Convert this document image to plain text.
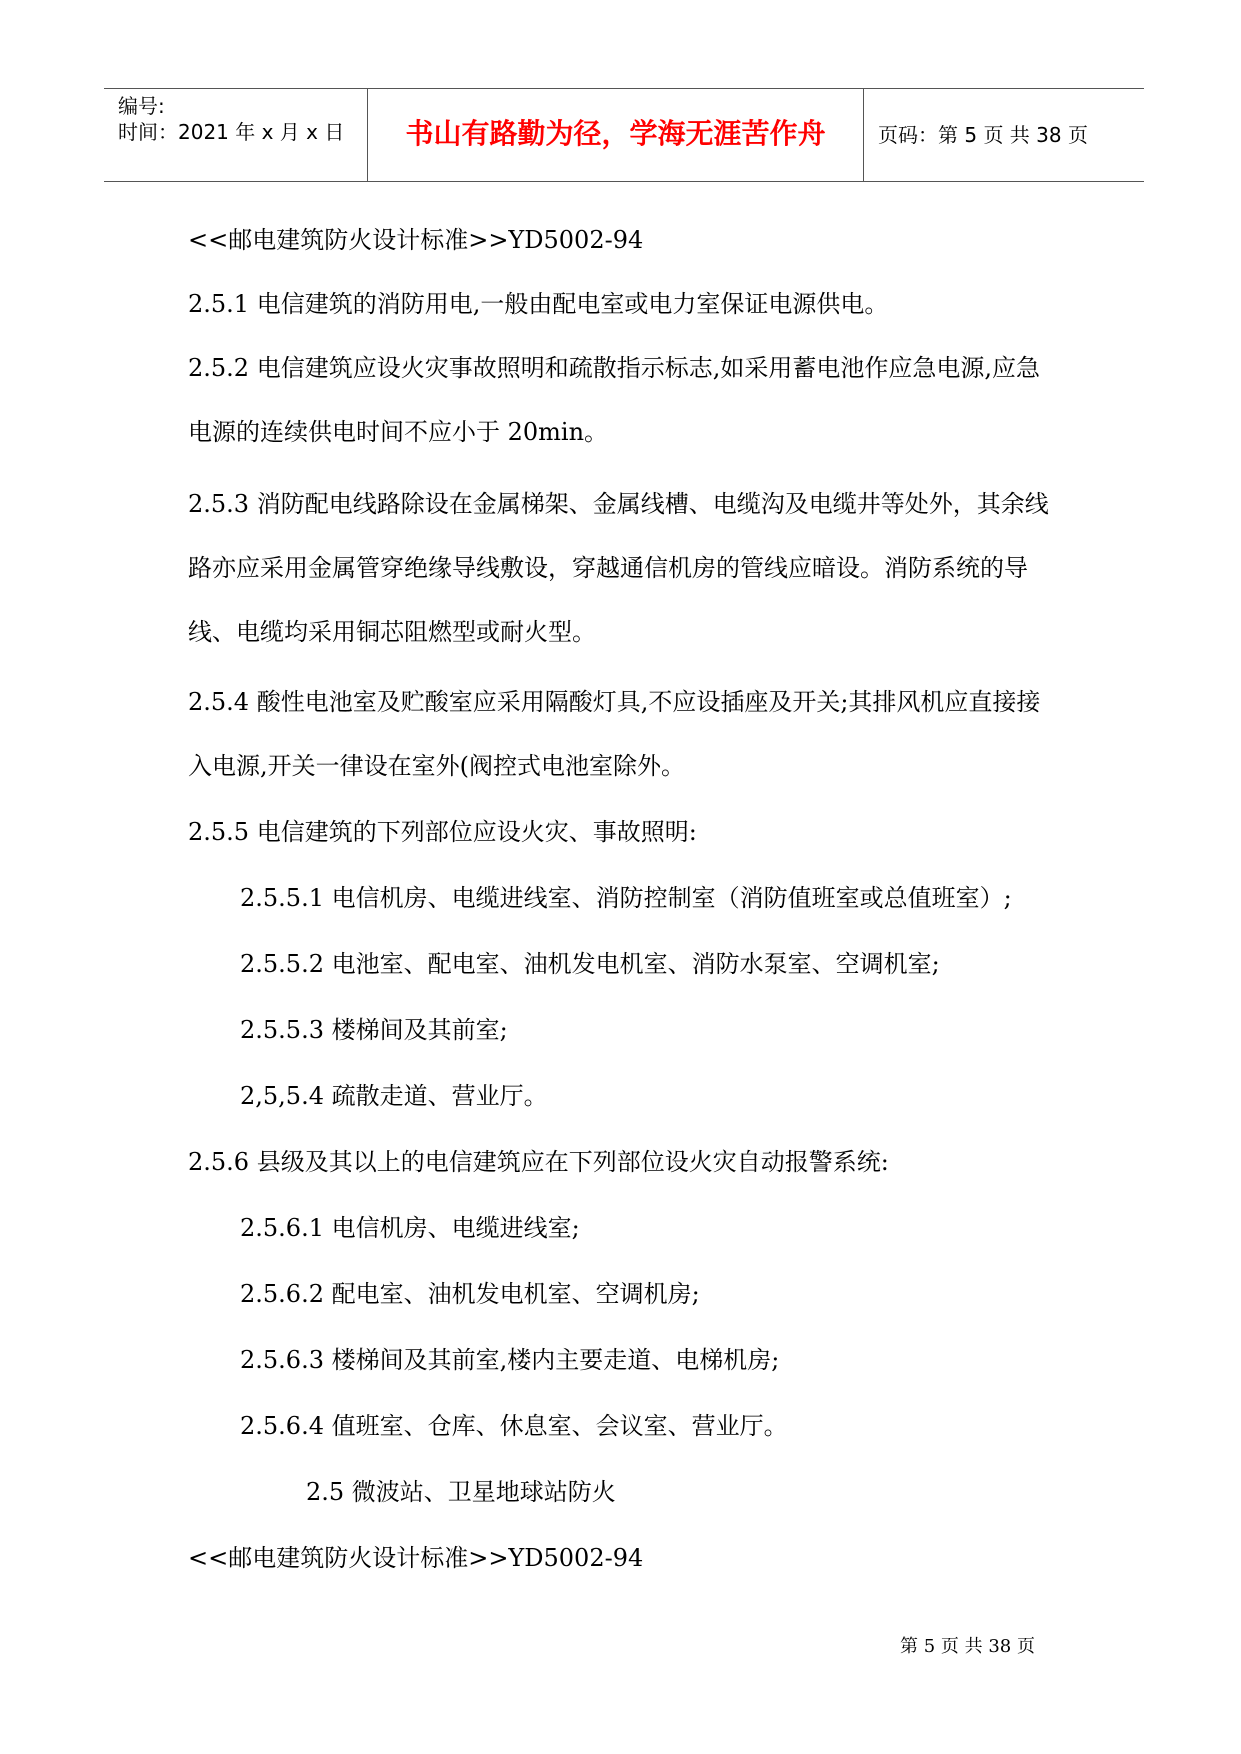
编号:
时间：2021 年 x 月 x 日	书山有路勤为径，学海无涯苦作舟	页码：第 5 页 共 38 页
<<邮电建筑防火设计标准>>YD5002-94
2.5.1 电信建筑的消防用电,一般由配电室或电力室保证电源供电。
2.5.2 电信建筑应设火灾事故照明和疏散指示标志,如采用蓄电池作应急电源,应急
电源的连续供电时间不应小于 20min。
2.5.3 消防配电线路除设在金属梯架、金属线槽、电缆沟及电缆井等处外，其余线
路亦应采用金属管穿绝缘导线敷设，穿越通信机房的管线应暗设。消防系统的导
线、电缆均采用铜芯阻燃型或耐火型。
2.5.4 酸性电池室及贮酸室应采用隔酸灯具,不应设插座及开关;其排风机应直接接
入电源,开关一律设在室外(阀控式电池室除外。
2.5.5 电信建筑的下列部位应设火灾、事故照明:
2.5.5.1 电信机房、电缆进线室、消防控制室（消防值班室或总值班室）;
2.5.5.2 电池室、配电室、油机发电机室、消防水泵室、空调机室;
2.5.5.3 楼梯间及其前室;
2,5,5.4 疏散走道、营业厅。
2.5.6 县级及其以上的电信建筑应在下列部位设火灾自动报警系统:
2.5.6.1 电信机房、电缆进线室;
2.5.6.2 配电室、油机发电机室、空调机房;
2.5.6.3 楼梯间及其前室,楼内主要走道、电梯机房;
2.5.6.4 值班室、仓库、休息室、会议室、营业厅。
2.5 微波站、卫星地球站防火
<<邮电建筑防火设计标准>>YD5002-94
第 5 页 共 38 页
